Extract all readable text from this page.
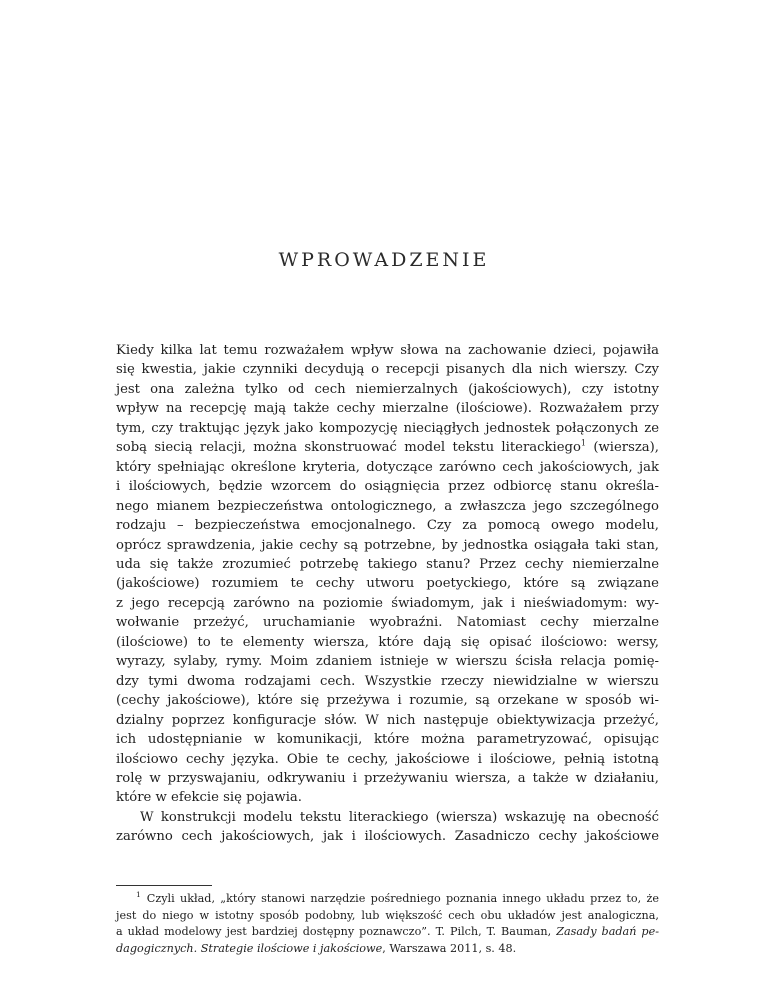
WPROWADZENIE
Kiedy kilka lat temu rozważałem wpływ słowa na zachowanie dzieci, pojawiła
się kwestia, jakie czynniki decydują o recepcji pisanych dla nich wierszy. Czy
jest ona zależna tylko od cech niemierzalnych (jakościowych), czy istotny
wpływ na recepcję mają także cechy mierzalne (ilościowe). Rozważałem przy
tym, czy traktując język jako kompozycję nieciągłych jednostek połączonych ze
sobą siecią relacji, można skonstruować model tekstu literackiego$^1$ (wiersza),
który spełniając określone kryteria, dotyczące zarówno cech jakościowych, jak
i ilościowych, będzie wzorcem do osiągnięcia przez odbiorcę stanu określa-
nego mianem bezpieczeństwa ontologicznego, a zwłaszcza jego szczególnego
rodzaju – bezpieczeństwa emocjonalnego. Czy za pomocą owego modelu,
oprócz sprawdzenia, jakie cechy są potrzebne, by jednostka osiągała taki stan,
uda się także zrozumieć potrzebę takiego stanu? Przez cechy niemierzalne
(jakościowe) rozumiem te cechy utworu poetyckiego, które są związane
z jego recepcją zarówno na poziomie świadomym, jak i nieświadomym: wy-
wołwanie przeżyć, uruchamianie wyobraźni. Natomiast cechy mierzalne
(ilościowe) to te elementy wiersza, które dają się opisać ilościowo: wersy,
wyrazy, sylaby, rymy. Moim zdaniem istnieje w wierszu ścisła relacja pomię-
dzy tymi dwoma rodzajami cech. Wszystkie rzeczy niewidzialne w wierszu
(cechy jakościowe), które się przeżywa i rozumie, są orzekane w sposób wi-
dzialny poprzez konfiguracje słów. W nich następuje obiektywizacja przeżyć,
ich udostępnianie w komunikacji, które można parametryzować, opisując
ilościowo cechy języka. Obie te cechy, jakościowe i ilościowe, pełnią istotną
rolę w przyswajaniu, odkrywaniu i przeżywaniu wiersza, a także w działaniu,
które w efekcie się pojawia.
W konstrukcji modelu tekstu literackiego (wiersza) wskazuję na obecność
zarówno cech jakościowych, jak i ilościowych. Zasadniczo cechy jakościowe
$^1$ Czyli układ, „który stanowi narzędzie pośredniego poznania innego układu przez to, że
jest do niego w istotny sposób podobny, lub większość cech obu układów jest analogiczna,
a układ modelowy jest bardziej dostępny poznawczo”. T. Pilch, T. Bauman, Zasady badań pe-
dagogicznych. Strategie ilościowe i jakościowe, Warszawa 2011, s. 48.
